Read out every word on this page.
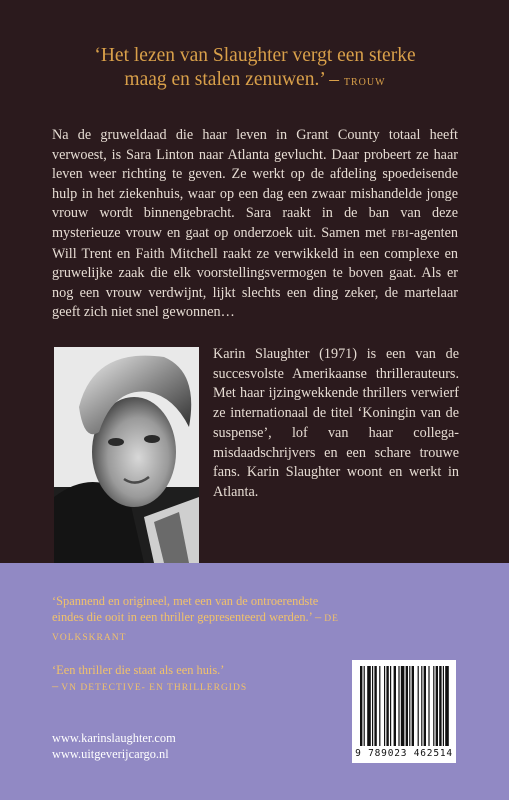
‘Het lezen van Slaughter vergt een sterke
maag en stalen zenuwen.’ – TROUW
Na de gruweldaad die haar leven in Grant County totaal heeft verwoest, is Sara Linton naar Atlanta gevlucht. Daar probeert ze haar leven weer richting te geven. Ze werkt op de afdeling spoedeisende hulp in het ziekenhuis, waar op een dag een zwaar mishandelde jonge vrouw wordt binnengebracht. Sara raakt in de ban van deze mysterieuze vrouw en gaat op onderzoek uit. Samen met FBI-agenten Will Trent en Faith Mitchell raakt ze verwikkeld in een complexe en gruwelijke zaak die elk voorstellingsvermogen te boven gaat. Als er nog een vrouw verdwijnt, lijkt slechts een ding zeker, de martelaar geeft zich niet snel gewonnen…
Karin Slaughter (1971) is een van de succesvolste Amerikaanse thrillerauteurs. Met haar ijzingwekkende thrillers verwierf ze internationaal de titel ‘Koningin van de suspense’, lof van haar collega-misdaadschrijvers en een schare trouwe fans. Karin Slaughter woont en werkt in Atlanta.
‘Spannend en origineel, met een van de ontroerendste eindes die ooit in een thriller gepresenteerd werden.’ – DE VOLKSKRANT
‘Een thriller die staat als een huis.’
– VN DETECTIVE- EN THRILLERGIDS
www.karinslaughter.com
www.uitgeverijcargo.nl	9 789023 462514
